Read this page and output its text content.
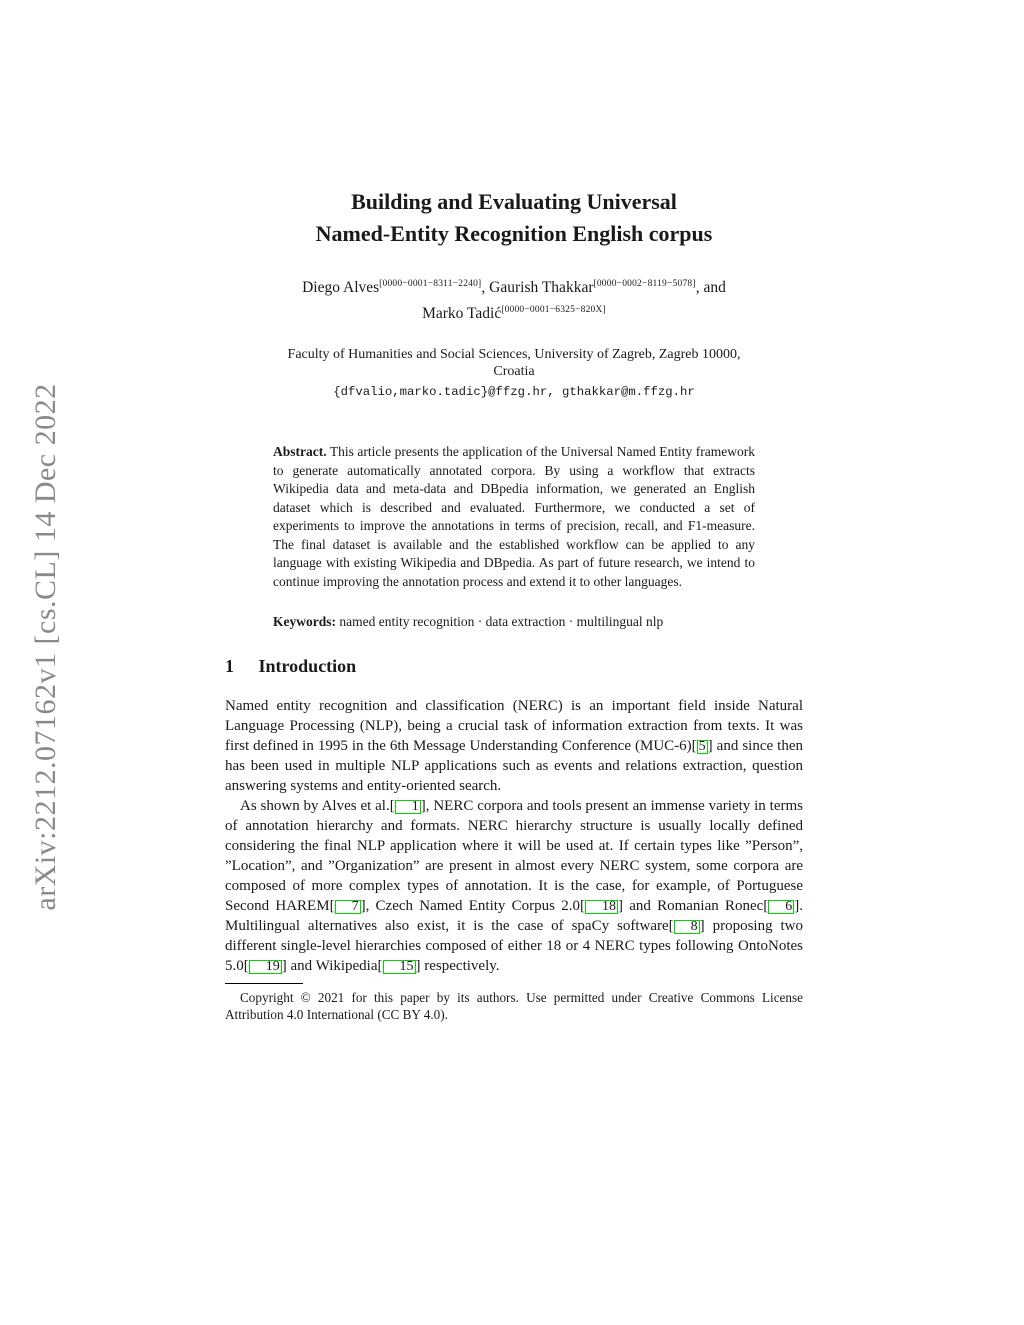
arXiv:2212.07162v1 [cs.CL] 14 Dec 2022
Building and Evaluating Universal
Named-Entity Recognition English corpus
Diego Alves[0000−0001−8311−2240], Gaurish Thakkar[0000−0002−8119−5078], and
Marko Tadić[0000−0001−6325−820X]
Faculty of Humanities and Social Sciences, University of Zagreb, Zagreb 10000,
Croatia
{dfvalio,marko.tadic}@ffzg.hr, gthakkar@m.ffzg.hr
Abstract. This article presents the application of the Universal Named Entity framework to generate automatically annotated corpora. By using a workflow that extracts Wikipedia data and meta-data and DBpedia information, we generated an English dataset which is described and evaluated. Furthermore, we conducted a set of experiments to improve the annotations in terms of precision, recall, and F1-measure. The final dataset is available and the established workflow can be applied to any language with existing Wikipedia and DBpedia. As part of future research, we intend to continue improving the annotation process and extend it to other languages.
Keywords: named entity recognition · data extraction · multilingual nlp
1 Introduction
Named entity recognition and classification (NERC) is an important field inside Natural Language Processing (NLP), being a crucial task of information extraction from texts. It was first defined in 1995 in the 6th Message Understanding Conference (MUC-6)[ 5 ] and since then has been used in multiple NLP applications such as events and relations extraction, question answering systems and entity-oriented search.
As shown by Alves et al.[ 1 ], NERC corpora and tools present an immense variety in terms of annotation hierarchy and formats. NERC hierarchy structure is usually locally defined considering the final NLP application where it will be used at. If certain types like ”Person”, ”Location”, and ”Organization” are present in almost every NERC system, some corpora are composed of more complex types of annotation. It is the case, for example, of Portuguese Second HAREM[ 7 ], Czech Named Entity Corpus 2.0[ 18 ] and Romanian Ronec[ 6 ]. Multilingual alternatives also exist, it is the case of spaCy software[ 8 ] proposing two different single-level hierarchies composed of either 18 or 4 NERC types following OntoNotes 5.0[ 19 ] and Wikipedia[ 15 ] respectively.
Copyright © 2021 for this paper by its authors. Use permitted under Creative Commons License Attribution 4.0 International (CC BY 4.0).
